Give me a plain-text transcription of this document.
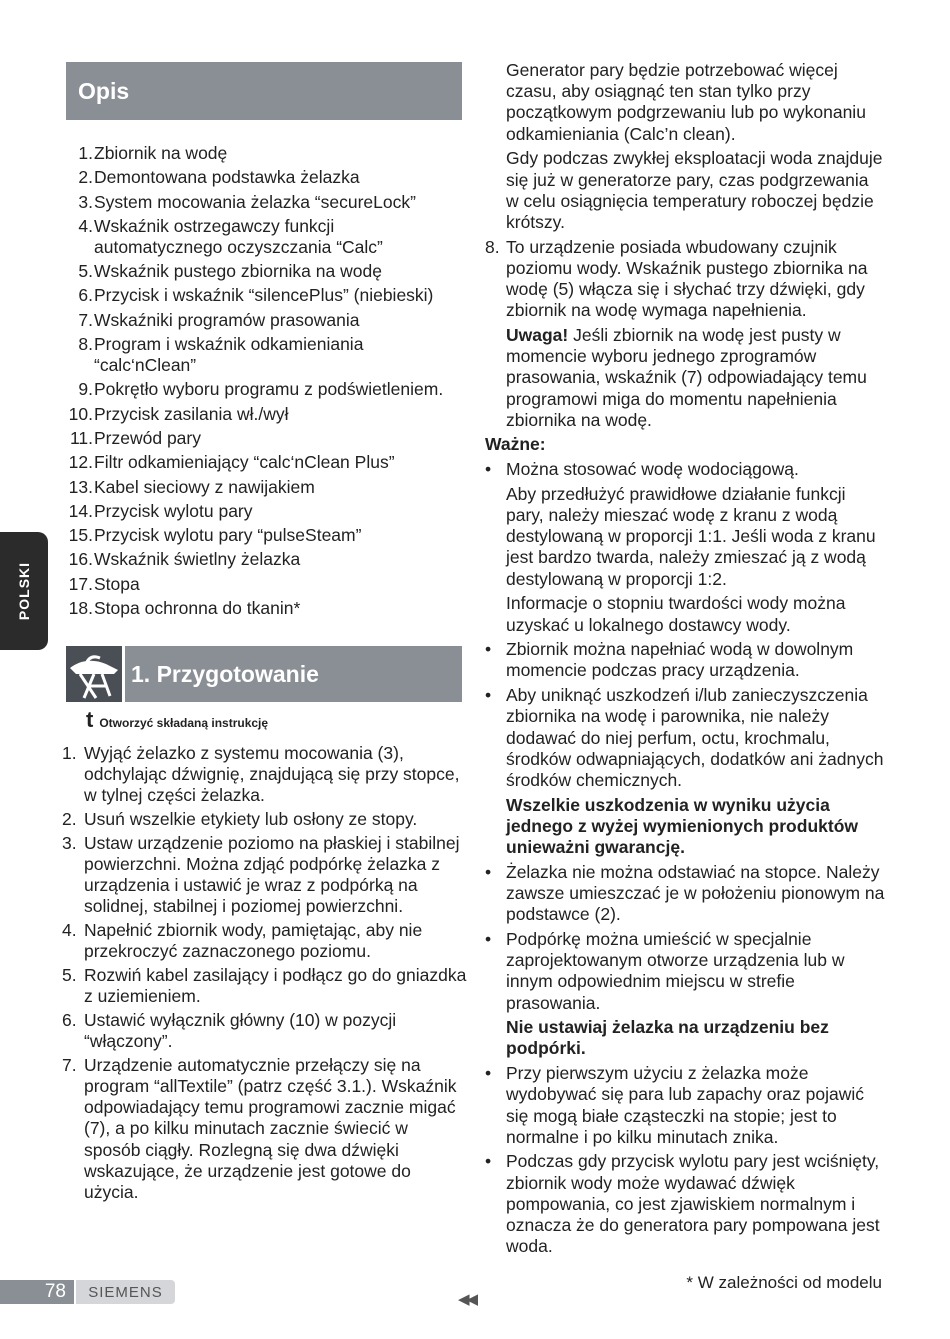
POLSKI
Opis
1. Zbiornik na wodę
2. Demontowana podstawka żelazka
3. System mocowania żelazka “secureLock”
4. Wskaźnik ostrzegawczy funkcji automatycznego oczyszczania “Calc”
5. Wskaźnik pustego zbiornika na wodę
6. Przycisk i wskaźnik “silencePlus” (niebieski)
7. Wskaźniki programów prasowania
8. Program i wskaźnik odkamieniania “calc‘nClean”
9. Pokrętło wyboru programu z podświetleniem.
10. Przycisk zasilania wł./wył
11. Przewód pary
12. Filtr odkamieniający “calc‘nClean Plus”
13. Kabel sieciowy z nawijakiem
14. Przycisk wylotu pary
15. Przycisk wylotu pary “pulseSteam”
16. Wskaźnik świetlny żelazka
17. Stopa
18. Stopa ochronna do tkanin*
1. Przygotowanie
t Otworzyć składaną instrukcję
1. Wyjąć żelazko z systemu mocowania (3), odchylając dźwignię, znajdującą się przy stopce, w tylnej części żelazka.
2. Usuń wszelkie etykiety lub osłony ze stopy.
3. Ustaw urządzenie poziomo na płaskiej i stabilnej powierzchni. Można zdjąć podpórkę żelazka z urządzenia i ustawić je wraz z podpórką na solidnej, stabilnej i poziomej powierzchni.
4. Napełnić zbiornik wody, pamiętając, aby nie przekroczyć zaznaczonego poziomu.
5. Rozwiń kabel zasilający i podłącz go do gniazdka z uziemieniem.
6. Ustawić wyłącznik główny (10) w pozycji “włączony”.
7. Urządzenie automatycznie przełączy się na program “allTextile” (patrz część 3.1.). Wskaźnik odpowiadający temu programowi zacznie migać (7), a po kilku minutach zacznie świecić w sposób ciągły. Rozlegną się dwa dźwięki wskazujące, że urządzenie jest gotowe do użycia.

Generator pary będzie potrzebować więcej czasu, aby osiągnąć ten stan tylko przy początkowym podgrzewaniu lub po wykonaniu odkamieniania (Calc’n clean).

Gdy podczas zwykłej eksploatacji woda znajduje się już w generatorze pary, czas podgrzewania w celu osiągnięcia temperatury roboczej będzie krótszy.

8. To urządzenie posiada wbudowany czujnik poziomu wody. Wskaźnik pustego zbiornika na wodę (5) włącza się i słychać trzy dźwięki, gdy zbiornik na wodę wymaga napełnienia.

Uwaga! Jeśli zbiornik na wodę jest pusty w momencie wyboru jednego zprogramów prasowania, wskaźnik (7) odpowiadający temu programowi miga do momentu napełnienia zbiornika na wodę.

Ważne:

• Można stosować wodę wodociągową.

Aby przedłużyć prawidłowe działanie funkcji pary, należy mieszać wodę z kranu z wodą destylowaną w proporcji 1:1. Jeśli woda z kranu jest bardzo twarda, należy zmieszać ją z wodą destylowaną w proporcji 1:2.

Informacje o stopniu twardości wody można uzyskać u lokalnego dostawcy wody.

• Zbiornik można napełniać wodą w dowolnym momencie podczas pracy urządzenia.
• Aby uniknąć uszkodzeń i/lub zanieczyszczenia zbiornika na wodę i parownika, nie należy dodawać do niej perfum, octu, krochmalu, środków odwapniających, dodatków ani żadnych środków chemicznych.

Wszelkie uszkodzenia w wyniku użycia jednego z wyżej wymienionych produktów unieważni gwarancję.

• Żelazka nie można odstawiać na stopce. Należy zawsze umieszczać je w położeniu pionowym na podstawce (2).
• Podpórkę można umieścić w specjalnie zaprojektowanym otworze urządzenia lub w innym odpowiednim miejscu w strefie prasowania.

Nie ustawiaj żelazka na urządzeniu bez podpórki.

• Przy pierwszym użyciu z żelazka może wydobywać się para lub zapachy oraz pojawić się mogą białe cząsteczki na stopie; jest to normalne i po kilku minutach znika.
• Podczas gdy przycisk wylotu pary jest wciśnięty, zbiornik wody może wydawać dźwięk pompowania, co jest zjawiskiem normalnym i oznacza że do generatora pary pompowana jest woda.
* W zależności od modelu
78 SIEMENS	◀◀
